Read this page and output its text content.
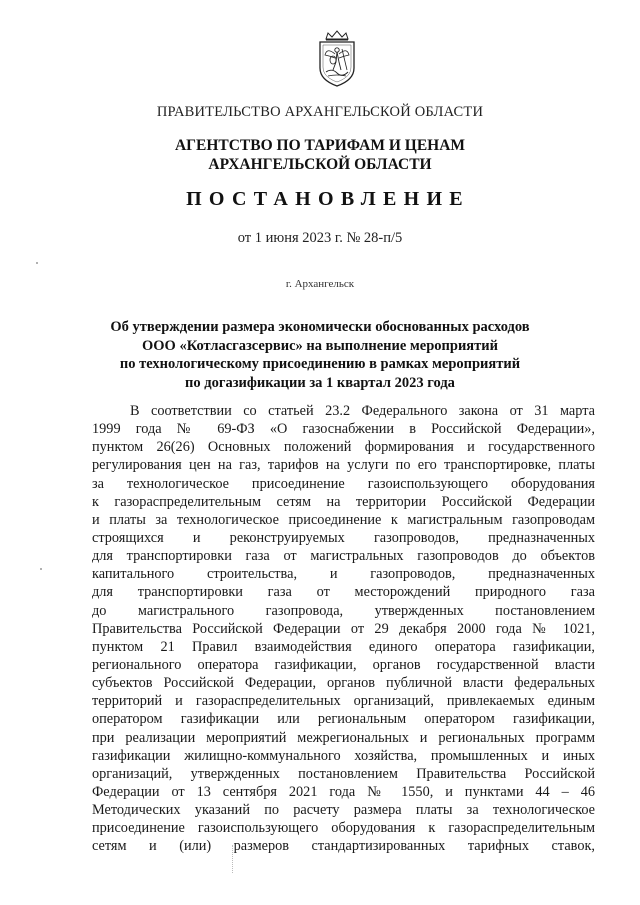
ПРАВИТЕЛЬСТВО АРХАНГЕЛЬСКОЙ ОБЛАСТИ
АГЕНТСТВО ПО ТАРИФАМ И ЦЕНАМ
АРХАНГЕЛЬСКОЙ ОБЛАСТИ
ПОСТАНОВЛЕНИЕ
от 1 июня 2023 г. № 28-п/5
г. Архангельск
Об утверждении размера экономически обоснованных расходов
ООО «Котласгазсервис» на выполнение мероприятий
по технологическому присоединению в рамках мероприятий
по догазификации за 1 квартал 2023 года
В соответствии со статьей 23.2 Федерального закона от 31 марта
1999 года № 69-ФЗ «О газоснабжении в Российской Федерации»,
пунктом 26(26) Основных положений формирования и государственного
регулирования цен на газ, тарифов на услуги по его транспортировке, платы
за технологическое присоединение газоиспользующего оборудования
к газораспределительным сетям на территории Российской Федерации
и платы за технологическое присоединение к магистральным газопроводам
строящихся и реконструируемых газопроводов, предназначенных
для транспортировки газа от магистральных газопроводов до объектов
капитального строительства, и газопроводов, предназначенных
для транспортировки газа от месторождений природного газа
до магистрального газопровода, утвержденных постановлением
Правительства Российской Федерации от 29 декабря 2000 года № 1021,
пунктом 21 Правил взаимодействия единого оператора газификации,
регионального оператора газификации, органов государственной власти
субъектов Российской Федерации, органов публичной власти федеральных
территорий и газораспределительных организаций, привлекаемых единым
оператором газификации или региональным оператором газификации,
при реализации мероприятий межрегиональных и региональных программ
газификации жилищно-коммунального хозяйства, промышленных и иных
организаций, утвержденных постановлением Правительства Российской
Федерации от 13 сентября 2021 года № 1550, и пунктами 44 – 46
Методических указаний по расчету размера платы за технологическое
присоединение газоиспользующего оборудования к газораспределительным
сетям и (или) размеров стандартизированных тарифных ставок,
